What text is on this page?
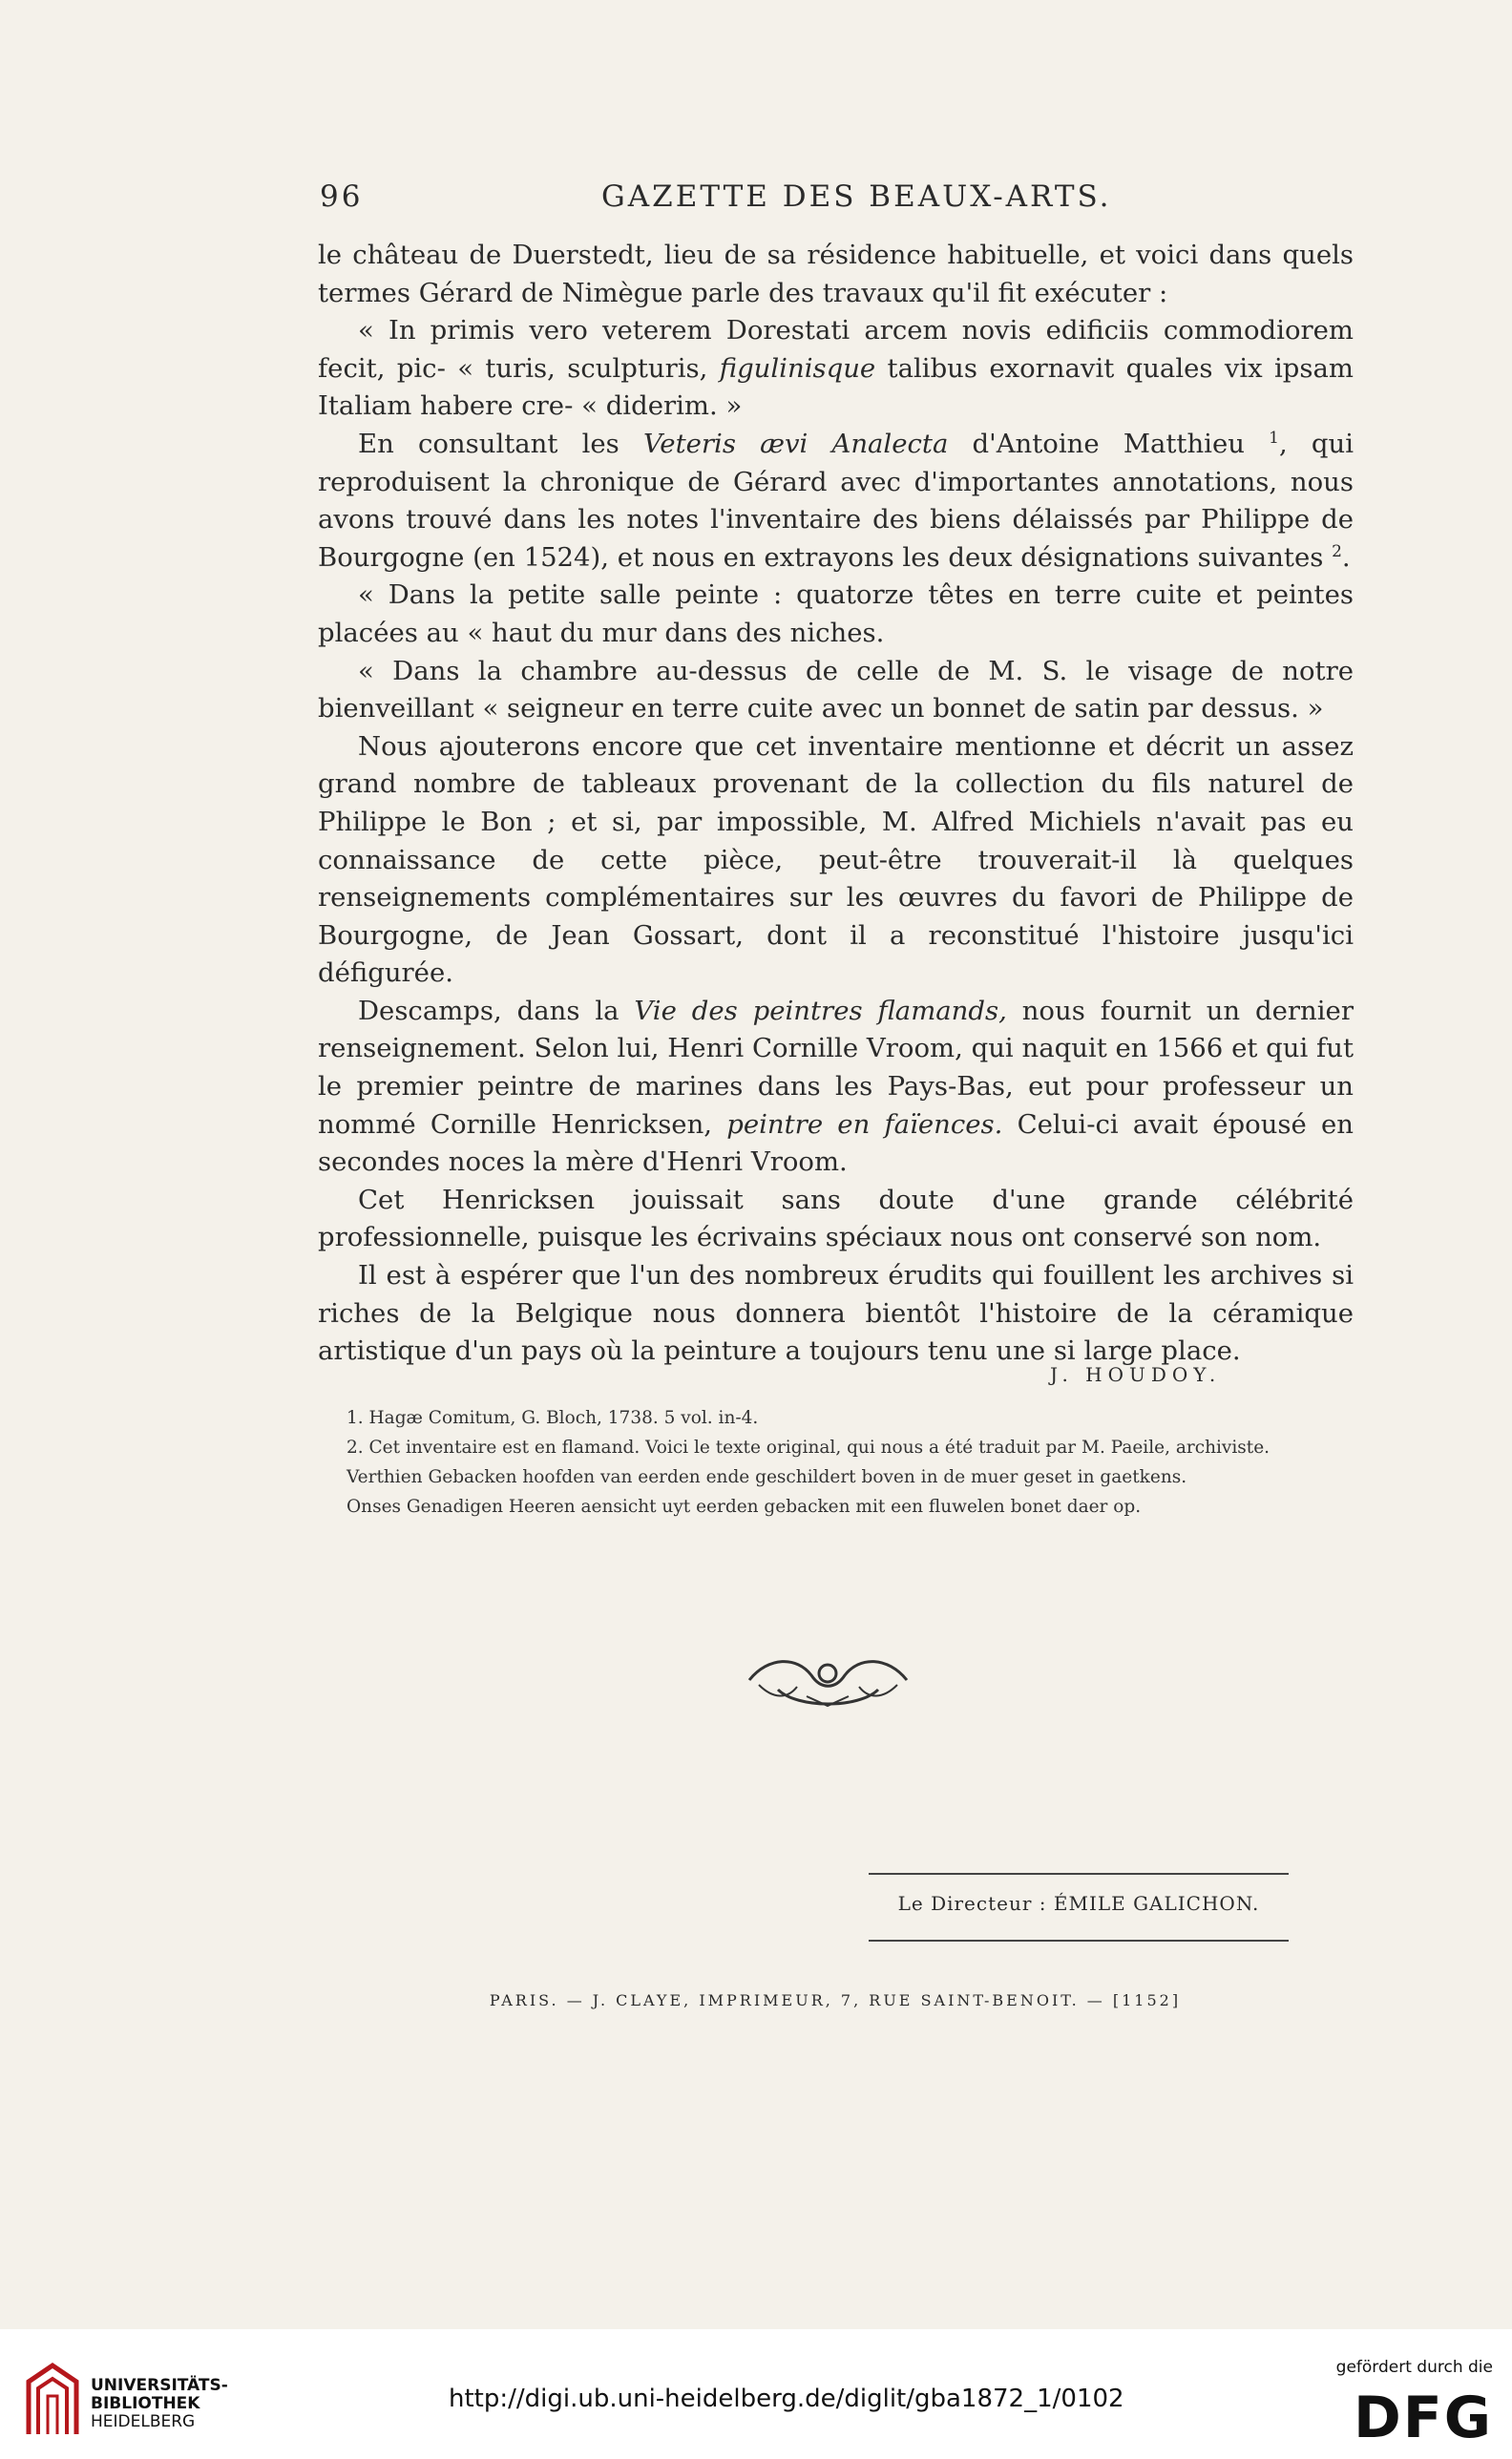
96	GAZETTE DES BEAUX-ARTS.

le château de Duerstedt, lieu de sa résidence habituelle, et voici dans quels termes Gérard de Nimègue parle des travaux qu'il fit exécuter :

« In primis vero veterem Dorestati arcem novis edificiis commodiorem fecit, pic- « turis, sculpturis, figulinisque talibus exornavit quales vix ipsam Italiam habere cre- « diderim. »

En consultant les Veteris ævi Analecta d'Antoine Matthieu $^1$, qui reproduisent la chronique de Gérard avec d'importantes annotations, nous avons trouvé dans les notes l'inventaire des biens délaissés par Philippe de Bourgogne (en 1524), et nous en extrayons les deux désignations suivantes $^2$.

« Dans la petite salle peinte : quatorze têtes en terre cuite et peintes placées au « haut du mur dans des niches.

« Dans la chambre au-dessus de celle de M. S. le visage de notre bienveillant « seigneur en terre cuite avec un bonnet de satin par dessus. »

Nous ajouterons encore que cet inventaire mentionne et décrit un assez grand nombre de tableaux provenant de la collection du fils naturel de Philippe le Bon ; et si, par impossible, M. Alfred Michiels n'avait pas eu connaissance de cette pièce, peut-être trouverait-il là quelques renseignements complémentaires sur les œuvres du favori de Philippe de Bourgogne, de Jean Gossart, dont il a reconstitué l'histoire jusqu'ici défigurée.

Descamps, dans la Vie des peintres flamands, nous fournit un dernier renseignement. Selon lui, Henri Cornille Vroom, qui naquit en 1566 et qui fut le premier peintre de marines dans les Pays-Bas, eut pour professeur un nommé Cornille Henricksen, peintre en faïences. Celui-ci avait épousé en secondes noces la mère d'Henri Vroom.

Cet Henricksen jouissait sans doute d'une grande célébrité professionnelle, puisque les écrivains spéciaux nous ont conservé son nom.

Il est à espérer que l'un des nombreux érudits qui fouillent les archives si riches de la Belgique nous donnera bientôt l'histoire de la céramique artistique d'un pays où la peinture a toujours tenu une si large place.

J. HOUDOY.

1. Hagæ Comitum, G. Bloch, 1738. 5 vol. in-4.

2. Cet inventaire est en flamand. Voici le texte original, qui nous a été traduit par M. Paeile, archiviste.

Verthien Gebacken hoofden van eerden ende geschildert boven in de muer geset in gaetkens.

Onses Genadigen Heeren aensicht uyt eerden gebacken mit een fluwelen bonet daer op.

Le Directeur : ÉMILE GALICHON.
PARIS. — J. CLAYE, IMPRIMEUR, 7, RUE SAINT-BENOIT. — [1152]
UNIVERSITÄTS-
BIBLIOTHEK
HEIDELBERG
http://digi.ub.uni-heidelberg.de/diglit/gba1872_1/0102
gefördert durch die
DFG
